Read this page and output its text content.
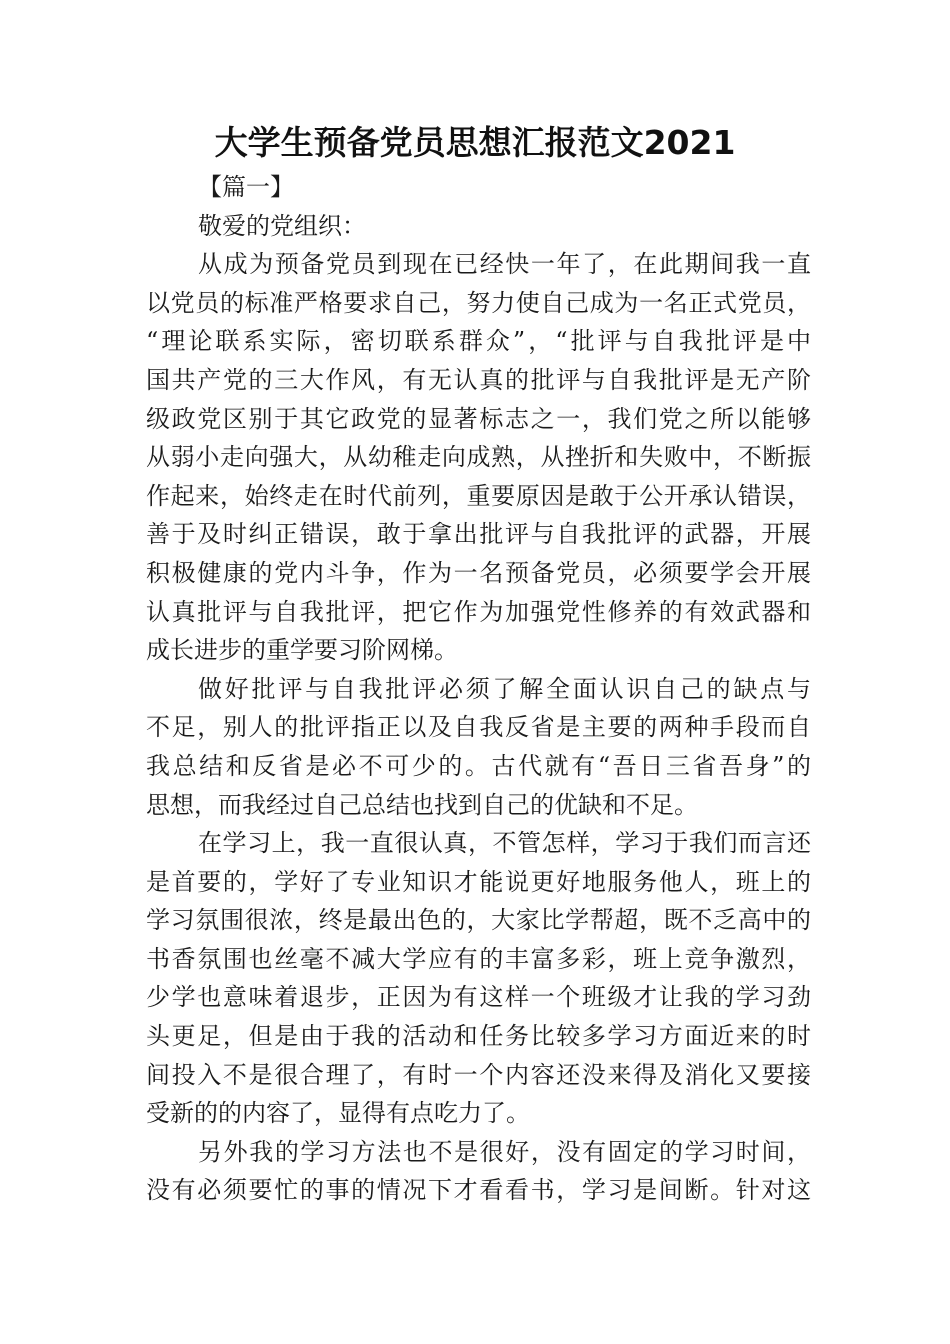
大学生预备党员思想汇报范文2021
【篇一】
敬爱的党组织：
从成为预备党员到现在已经快一年了，在此期间我一直
以党员的标准严格要求自己，努力使自己成为一名正式党员，
“理论联系实际，密切联系群众”，“批评与自我批评是中
国共产党的三大作风，有无认真的批评与自我批评是无产阶
级政党区别于其它政党的显著标志之一，我们党之所以能够
从弱小走向强大，从幼稚走向成熟，从挫折和失败中，不断振
作起来，始终走在时代前列，重要原因是敢于公开承认错误，
善于及时纠正错误，敢于拿出批评与自我批评的武器，开展
积极健康的党内斗争，作为一名预备党员，必须要学会开展
认真批评与自我批评，把它作为加强党性修养的有效武器和
成长进步的重学要习阶网梯。
做好批评与自我批评必须了解全面认识自己的缺点与
不足，别人的批评指正以及自我反省是主要的两种手段而自
我总结和反省是必不可少的。古代就有“吾日三省吾身”的
思想，而我经过自己总结也找到自己的优缺和不足。
在学习上，我一直很认真，不管怎样，学习于我们而言还
是首要的，学好了专业知识才能说更好地服务他人，班上的
学习氛围很浓，终是最出色的，大家比学帮超，既不乏高中的
书香氛围也丝毫不减大学应有的丰富多彩，班上竞争激烈，
少学也意味着退步，正因为有这样一个班级才让我的学习劲
头更足，但是由于我的活动和任务比较多学习方面近来的时
间投入不是很合理了，有时一个内容还没来得及消化又要接
受新的的内容了，显得有点吃力了。
另外我的学习方法也不是很好，没有固定的学习时间，
没有必须要忙的事的情况下才看看书，学习是间断。针对这
